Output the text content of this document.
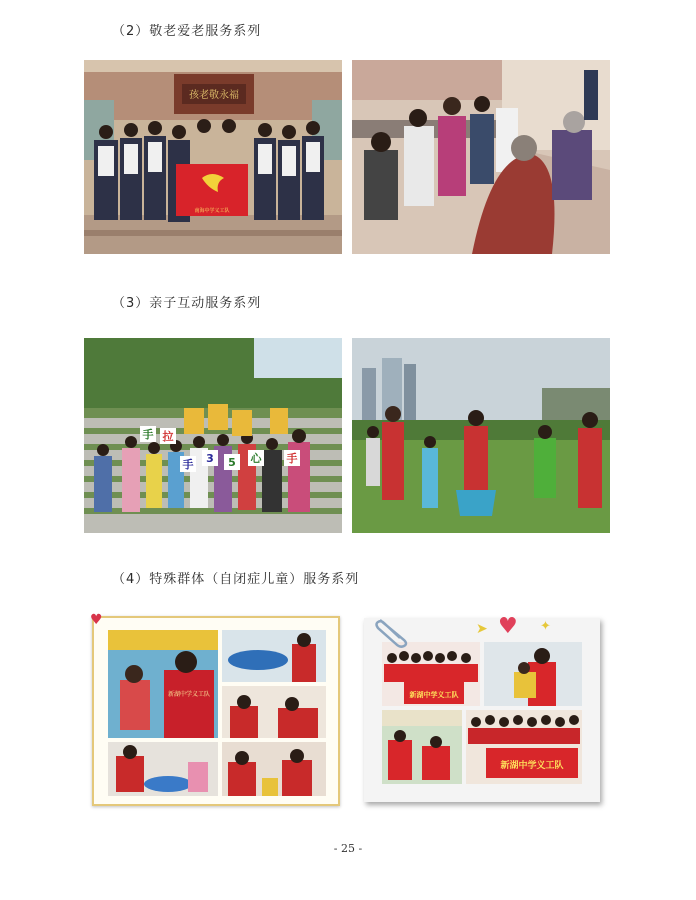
（2）敬老爱老服务系列
孩老敬永福
南海中学义工队
（3）亲子互动服务系列
手 拉
手 3 5 心 手
（4）特殊群体（自闭症儿童）服务系列
♥
新湖中学义工队
♥
➤	✦
新湖中学义工队
新湖中学义工队
- 25 -
